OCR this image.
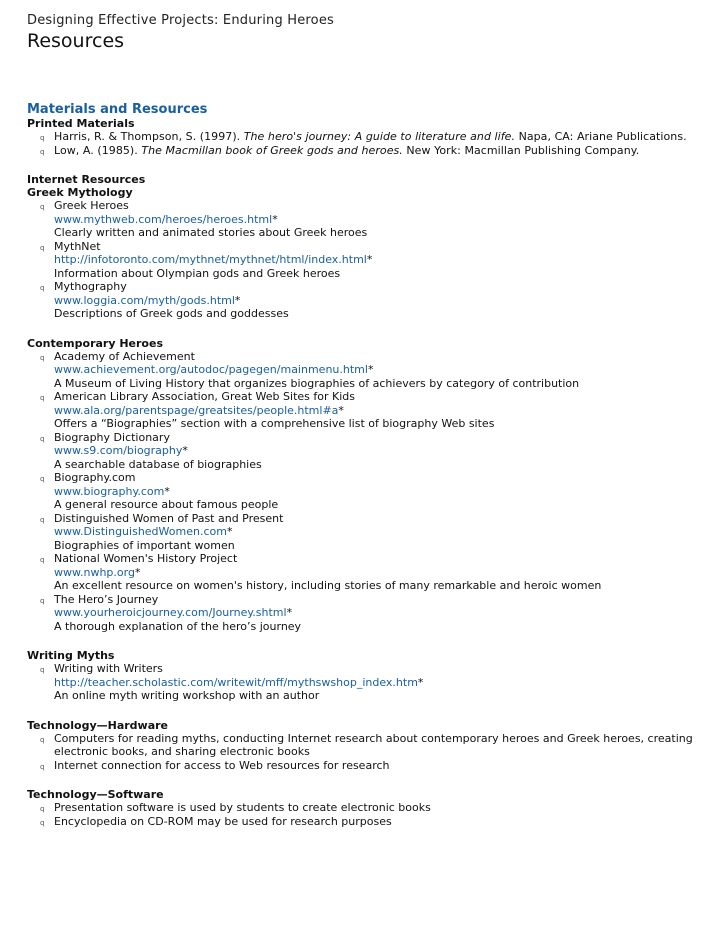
Designing Effective Projects: Enduring Heroes
Resources
Materials and Resources
Printed Materials
q Harris, R. & Thompson, S. (1997). The hero's journey: A guide to literature and life. Napa, CA: Ariane Publications.
q Low, A. (1985). The Macmillan book of Greek gods and heroes. New York: Macmillan Publishing Company.
Internet Resources
Greek Mythology
q Greek Heroes
www.mythweb.com/heroes/heroes.html*
Clearly written and animated stories about Greek heroes
q MythNet
http://infotoronto.com/mythnet/mythnet/html/index.html*
Information about Olympian gods and Greek heroes
q Mythography
www.loggia.com/myth/gods.html*
Descriptions of Greek gods and goddesses
Contemporary Heroes
q Academy of Achievement
www.achievement.org/autodoc/pagegen/mainmenu.html*
A Museum of Living History that organizes biographies of achievers by category of contribution
q American Library Association, Great Web Sites for Kids
www.ala.org/parentspage/greatsites/people.html#a*
Offers a “Biographies” section with a comprehensive list of biography Web sites
q Biography Dictionary
www.s9.com/biography*
A searchable database of biographies
q Biography.com
www.biography.com*
A general resource about famous people
q Distinguished Women of Past and Present
www.DistinguishedWomen.com*
Biographies of important women
q National Women's History Project
www.nwhp.org*
An excellent resource on women's history, including stories of many remarkable and heroic women
q The Hero’s Journey
www.yourheroicjourney.com/Journey.shtml*
A thorough explanation of the hero’s journey
Writing Myths
q Writing with Writers
http://teacher.scholastic.com/writewit/mff/mythswshop_index.htm*
An online myth writing workshop with an author
Technology—Hardware
q Computers for reading myths, conducting Internet research about contemporary heroes and Greek heroes, creating electronic books, and sharing electronic books
q Internet connection for access to Web resources for research
Technology—Software
q Presentation software is used by students to create electronic books
q Encyclopedia on CD-ROM may be used for research purposes
